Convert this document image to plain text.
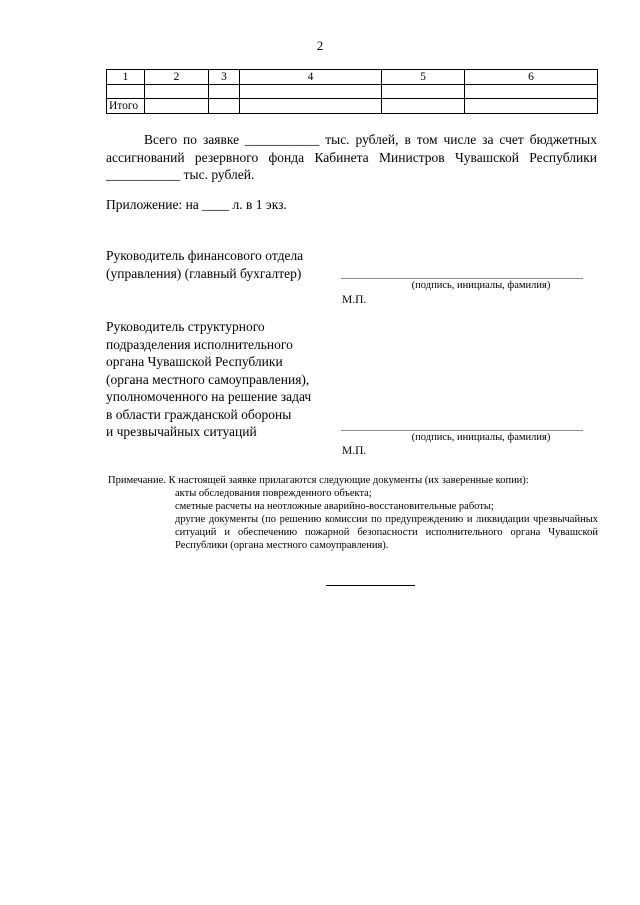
2
1	2	3	4	5	6

Итого					
Всего по заявке ___________ тыс. рублей, в том числе за счет бюджетных ассигнований резервного фонда Кабинета Министров Чувашской Республики ___________ тыс. рублей.
Приложение: на ____ л. в 1 экз.
Руководитель финансового отдела
(управления) (главный бухгалтер)
(подпись, инициалы, фамилия)
М.П.
Руководитель структурного
подразделения исполнительного
органа Чувашской Республики
(органа местного самоуправления),
уполномоченного на решение задач
в области гражданской обороны
и чрезвычайных ситуаций	(подпись, инициалы, фамилия)
М.П.
Примечание. К настоящей заявке прилагаются следующие документы (их заверенные копии):
акты обследования поврежденного объекта;
сметные расчеты на неотложные аварийно-восстановительные работы;
другие документы (по решению комиссии по предупреждению и ликвидации чрезвычайных ситуаций и обеспечению пожарной безопасности исполнительного органа Чувашской Республики (органа местного самоуправления).
